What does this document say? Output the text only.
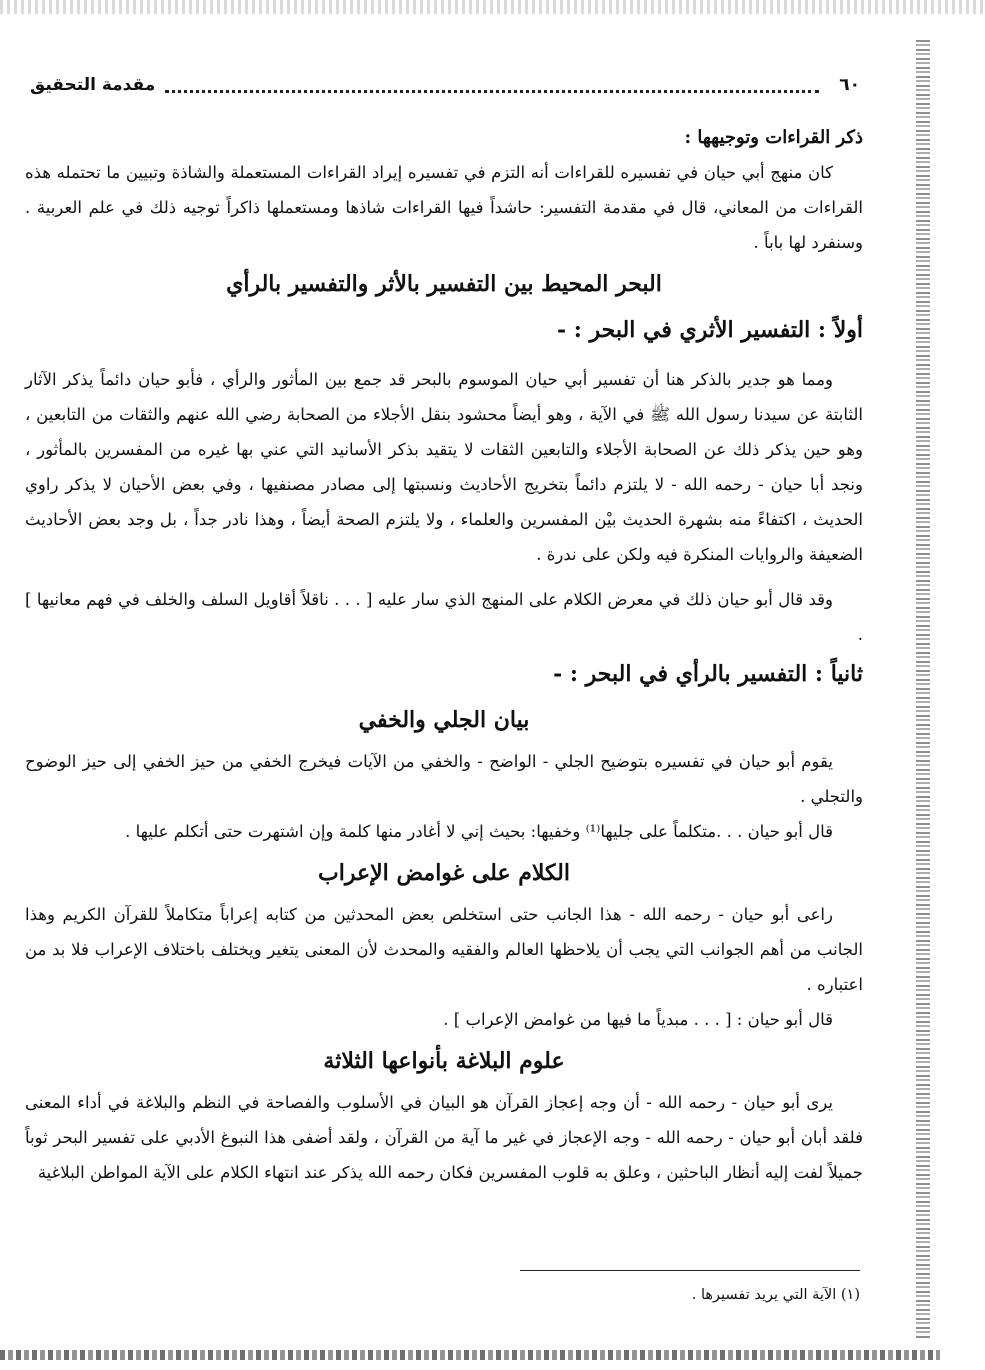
٦٠
مقدمة التحقيق

ذكر القراءات وتوجيهها :

كان منهج أبي حيان في تفسيره للقراءات أنه التزم في تفسيره إيراد القراءات المستعملة والشاذة وتبيين ما تحتمله هذه القراءات من المعاني، قال في مقدمة التفسير: حاشداً فيها القراءات شاذها ومستعملها ذاكراً توجيه ذلك في علم العربية . وسنفرد لها باباً .

البحر المحيط بين التفسير بالأثر والتفسير بالرأي

أولاً : التفسير الأثري في البحر : -

ومما هو جدير بالذكر هنا أن تفسير أبي حيان الموسوم بالبحر قد جمع بين المأثور والرأي ، فأبو حيان دائماً يذكر الآثار الثابتة عن سيدنا رسول الله ﷺ في الآية ، وهو أيضاً محشود بنقل الأجلاء من الصحابة رضي الله عنهم والثقات من التابعين ، وهو حين يذكر ذلك عن الصحابة الأجلاء والتابعين الثقات لا يتقيد بذكر الأسانيد التي عني بها غيره من المفسرين بالمأثور ، ونجد أبا حيان - رحمه الله - لا يلتزم دائماً بتخريج الأحاديث ونسبتها إلى مصادر مصنفيها ، وفي بعض الأحيان لا يذكر راوي الحديث ، اكتفاءً منه بشهرة الحديث بيْن المفسرين والعلماء ، ولا يلتزم الصحة أيضاً ، وهذا نادر جداً ، بل وجد بعض الأحاديث الضعيفة والروايات المنكرة فيه ولكن على ندرة .

وقد قال أبو حيان ذلك في معرض الكلام على المنهج الذي سار عليه [ . . . ناقلاً أقاويل السلف والخلف في فهم معانيها ] .

ثانياً : التفسير بالرأي في البحر : -

بيان الجلي والخفي

يقوم أبو حيان في تفسيره بتوضيح الجلي - الواضح - والخفي من الآيات فيخرج الخفي من حيز الخفي إلى حيز الوضوح والتجلي .

قال أبو حيان . . .متكلماً على جليها⁽¹⁾ وخفيها: بحيث إني لا أغادر منها كلمة وإن اشتهرت حتى أتكلم عليها .

الكلام على غوامض الإعراب

راعى أبو حيان - رحمه الله - هذا الجانب حتى استخلص بعض المحدثين من كتابه إعراباً متكاملاً للقرآن الكريم وهذا الجانب من أهم الجوانب التي يجب أن يلاحظها العالم والفقيه والمحدث لأن المعنى يتغير ويختلف باختلاف الإعراب فلا بد من اعتباره .

قال أبو حيان : [ . . . مبدياً ما فيها من غوامض الإعراب ] .

علوم البلاغة بأنواعها الثلاثة

يرى أبو حيان - رحمه الله - أن وجه إعجاز القرآن هو البيان في الأسلوب والفصاحة في النظم والبلاغة في أداء المعنى فلقد أبان أبو حيان - رحمه الله - وجه الإعجاز في غير ما آية من القرآن ، ولقد أضفى هذا النبوغ الأدبي على تفسير البحر ثوباً جميلاً لفت إليه أنظار الباحثين ، وعلق به قلوب المفسرين فكان رحمه الله يذكر عند انتهاء الكلام على الآية المواطن البلاغية

(١) الآية التي يريد تفسيرها .
